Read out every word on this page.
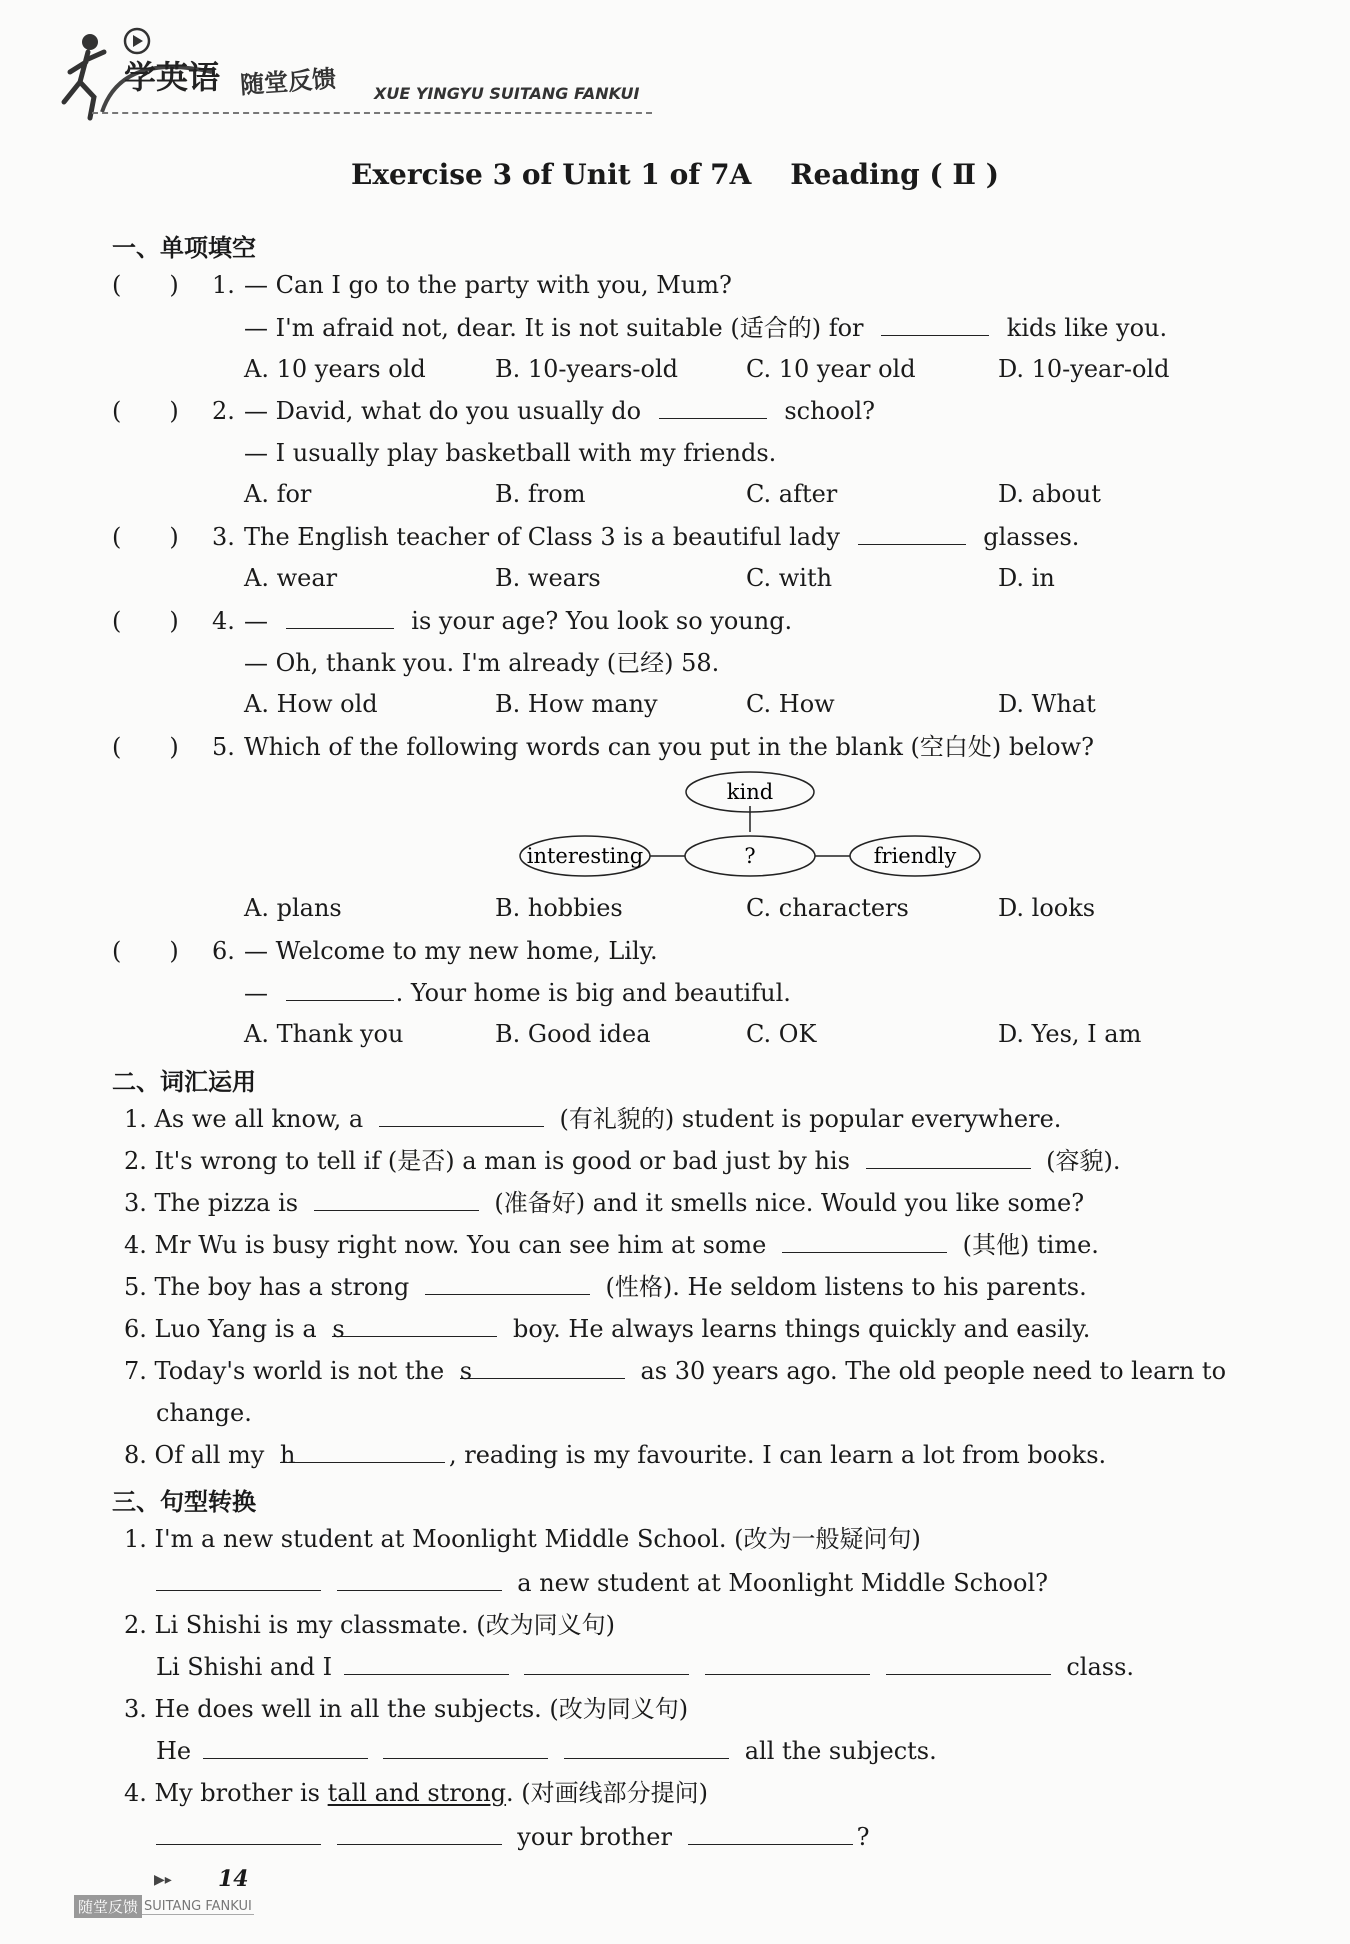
学英语 随堂反馈 XUE YINGYU SUITANG FANKUI
Exercise 3 of Unit 1 of 7A    Reading ( Ⅱ )
一、单项填空
(　　) 1. — Can I go to the party with you, Mum?
— I'm afraid not, dear. It is not suitable (适合的) for	kids like you.
A. 10 years old	B. 10-years-old	C. 10 year old	D. 10-year-old
(　　) 2. — David, what do you usually do	school?
— I usually play basketball with my friends.
A. for	B. from	C. after	D. about
(　　) 3. The English teacher of Class 3 is a beautiful lady	glasses.
A. wear	B. wears	C. with	D. in
(　　) 4. —	is your age? You look so young.
— Oh, thank you. I'm already (已经) 58.
A. How old	B. How many	C. How	D. What
(　　) 5. Which of the following words can you put in the blank (空白处) below?
kind
interesting	?	friendly
A. plans	B. hobbies	C. characters	D. looks
(　　) 6. — Welcome to my new home, Lily.
—	. Your home is big and beautiful.
A. Thank you	B. Good idea	C. OK	D. Yes, I am
二、词汇运用
1. As we all know, a	(有礼貌的) student is popular everywhere.
2. It's wrong to tell if (是否) a man is good or bad just by his	(容貌).
3. The pizza is	(准备好) and it smells nice. Would you like some?
4. Mr Wu is busy right now. You can see him at some	(其他) time.
5. The boy has a strong	(性格). He seldom listens to his parents.
6. Luo Yang is a s	boy. He always learns things quickly and easily.
7. Today's world is not the s	as 30 years ago. The old people need to learn to
change.
8. Of all my h	, reading is my favourite. I can learn a lot from books.
三、句型转换
1. I'm a new student at Moonlight Middle School. (改为一般疑问句)
a new student at Moonlight Middle School?
2. Li Shishi is my classmate. (改为同义句)
Li Shishi and I	class.
3. He does well in all the subjects. (改为同义句)
He	all the subjects.
4. My brother is tall and strong. (对画线部分提问)
your brother	?
▶▸ 14
随堂反馈 SUITANG FANKUI
